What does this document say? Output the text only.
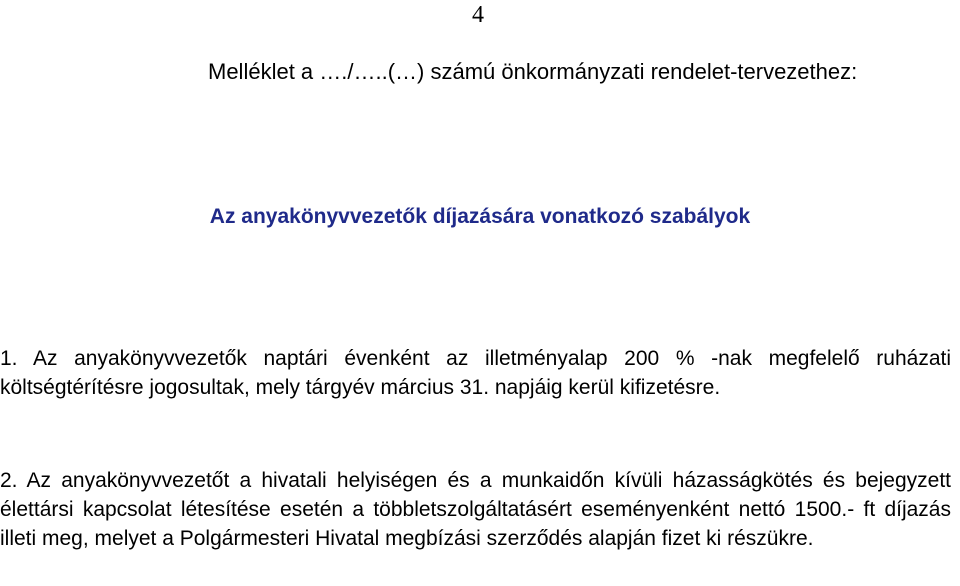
4
Melléklet a …./…..(…) számú önkormányzati rendelet-tervezethez:
Az anyakönyvvezetők díjazására vonatkozó szabályok
1. Az anyakönyvvezetők naptári évenként az illetményalap 200 % -nak megfelelő ruházati költségtérítésre jogosultak, mely tárgyév március 31. napjáig kerül kifizetésre.
2. Az anyakönyvvezetőt a hivatali helyiségen és a munkaidőn kívüli házasságkötés és bejegyzett élettársi kapcsolat létesítése esetén a többletszolgáltatásért eseményenként nettó 1500.- ft díjazás illeti meg, melyet a Polgármesteri Hivatal megbízási szerződés alapján fizet ki részükre.
